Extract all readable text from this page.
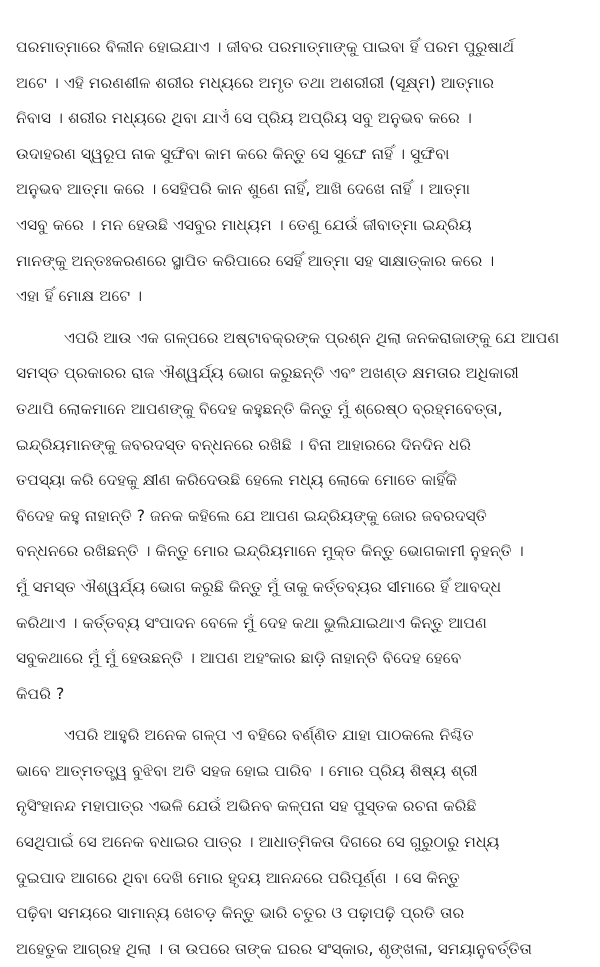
ପରମାତ୍ମାରେ ବିଲୀନ ହୋଇଯାଏ । ଜୀବର ପରମାତ୍ମାଙ୍କୁ ପାଇବା ହିଁ ପରମ ପୁରୁଷାର୍ଥ
ଅଟେ । ଏହି ମରଣଶୀଳ ଶରୀର ମଧ୍ୟରେ ଅମୃତ ତଥା ଅଶରୀରୀ (ସୂକ୍ଷ୍ମ) ଆତ୍ମାର
ନିବାସ । ଶରୀର ମଧ୍ୟରେ ଥିବା ଯାଏଁ ସେ ପ୍ରିୟ ଅପ୍ରିୟ ସବୁ ଅନୁଭବ କରେ ।
ଉଦାହରଣ ସ୍ୱରୂପ ନାକ ସୁଙ୍ଘିବା କାମ କରେ କିନ୍ତୁ ସେ ସୁଙ୍ଘେ ନାହିଁ । ସୁଙ୍ଘିବା
ଅନୁଭବ ଆତ୍ମା କରେ । ସେହିପରି କାନ ଶୁଣେ ନାହିଁ, ଆଖି ଦେଖେ ନାହିଁ । ଆତ୍ମା
ଏସବୁ କରେ । ମନ ହେଉଛି ଏସବୁର ମାଧ୍ୟମ । ତେଣୁ ଯେଉଁ ଜୀବାତ୍ମା ଇନ୍ଦ୍ରିୟ
ମାନଙ୍କୁ ଅନ୍ତଃକରଣରେ ସ୍ଥାପିତ କରିପାରେ ସେହିଁ ଆତ୍ମା ସହ ସାକ୍ଷାତ୍କାର କରେ ।
ଏହା ହିଁ ମୋକ୍ଷ ଅଟେ ।
ଏପରି ଆଉ ଏକ ଗଳ୍ପରେ ଅଷ୍ଟାବକ୍ରଙ୍କ ପ୍ରଶ୍ନ ଥିଲା ଜନକରାଜାଙ୍କୁ ଯେ ଆପଣ
ସମସ୍ତ ପ୍ରକାରର ରାଜ ଐଶ୍ୱର୍ଯ୍ୟ ଭୋଗ କରୁଛନ୍ତି ଏବଂ ଅଖଣ୍ଡ କ୍ଷମତାର ଅଧିକାରୀ
ତଥାପି ଲୋକମାନେ ଆପଣଙ୍କୁ ବିଦେହ କହୁଛନ୍ତି କିନ୍ତୁ ମୁଁ ଶ୍ରେଷ୍ଠ ବ୍ରହ୍ମବେତ୍ତା,
ଇନ୍ଦ୍ରିୟମାନଙ୍କୁ ଜବରଦସ୍ତ ବନ୍ଧନରେ ରଖିଛି । ବିନା ଆହାରରେ ଦିନଦିନ ଧରି
ତପସ୍ୟା କରି ଦେହକୁ କ୍ଷୀଣ କରିଦେଉଛି ହେଲେ ମଧ୍ୟ ଲୋକେ ମୋତେ କାହିଁକି
ବିଦେହ କହୁ ନାହାନ୍ତି ? ଜନକ କହିଲେ ଯେ ଆପଣ ଇନ୍ଦ୍ରିୟଙ୍କୁ ଜୋର ଜବରଦସ୍ତି
ବନ୍ଧନରେ ରଖିଛନ୍ତି । କିନ୍ତୁ ମୋର ଇନ୍ଦ୍ରିୟମାନେ ମୁକ୍ତ କିନ୍ତୁ ଭୋଗକାମୀ ନୁହନ୍ତି ।
ମୁଁ ସମସ୍ତ ଐଶ୍ୱର୍ଯ୍ୟ ଭୋଗ କରୁଛି କିନ୍ତୁ ମୁଁ ତାକୁ କର୍ତ୍ତବ୍ୟର ସୀମାରେ ହିଁ ଆବଦ୍ଧ
କରିଥାଏ । କର୍ତ୍ତବ୍ୟ ସଂପାଦନ ବେଳେ ମୁଁ ଦେହ କଥା ଭୁଲିଯାଇଥାଏ କିନ୍ତୁ ଆପଣ
ସବୁକଥାରେ ମୁଁ ମୁଁ ହେଉଛନ୍ତି । ଆପଣ ଅହଂକାର ଛାଡ଼ି ନାହାନ୍ତି ବିଦେହ ହେବେ
କିପରି ?
ଏପରି ଆହୁରି ଅନେକ ଗଳ୍ପ ଏ ବହିରେ ବର୍ଣ୍ଣିତ ଯାହା ପାଠକଲେ ନିଶ୍ଚିତ
ଭାବେ ଆତ୍ମତତ୍ତ୍ୱ ବୁଝିବା ଅତି ସହଜ ହୋଇ ପାରିବ । ମୋର ପ୍ରିୟ ଶିଷ୍ୟ ଶ୍ରୀ
ନୃସିଂହାନନ୍ଦ ମହାପାତ୍ର ଏଭଳି ଯେଉଁ ଅଭିନବ କଳ୍ପନା ସହ ପୁସ୍ତକ ରଚନା କରିଛି
ସେଥିପାଇଁ ସେ ଅନେକ ବଧାଇର ପାତ୍ର । ଆଧାତ୍ମିକତା ଦିଗରେ ସେ ଗୁରୁଠାରୁ ମଧ୍ୟ
ଦୁଇପାଦ ଆଗରେ ଥିବା ଦେଖି ମୋର ହୃଦୟ ଆନନ୍ଦରେ ପରିପୂର୍ଣ୍ଣ । ସେ କିନ୍ତୁ
ପଢ଼ିବା ସମୟରେ ସାମାନ୍ୟ ଖେଚଡ଼ କିନ୍ତୁ ଭାରି ଚତୁର ଓ ପଢ଼ାପଢ଼ି ପ୍ରତି ତାର
ଅହେତୁକ ଆଗ୍ରହ ଥିଲା । ତା ଉପରେ ତାଙ୍କ ଘରର ସଂସ୍କାର, ଶୃଙ୍ଖଳା, ସମୟାନୁବର୍ତ୍ତିତା
